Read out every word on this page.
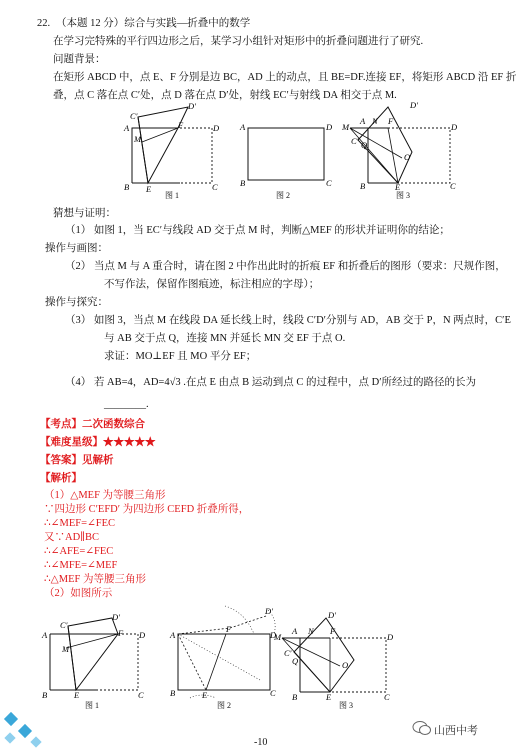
22. （本题 12 分）综合与实践—折叠中的数学
在学习完特殊的平行四边形之后，某学习小组针对矩形中的折叠问题进行了研究.
问题背景：
在矩形 ABCD 中，点 E、F 分别是边 BC，AD 上的动点，且 BE=DF.连接 EF，将矩形 ABCD 沿 EF 折
叠，点 C 落在点 C′处，点 D 落在点 D′处，射线 EC′与射线 DA 相交于点 M.
C′
D′
A	F	D
M
B E	C
图 1
A	D
B	C
图 2
M
A N F
D′
D
C′ Q
O
B	E	C
图 3
猜想与证明：
（1） 如图 1，当 EC′与线段 AD 交于点 M 时，判断△MEF 的形状并证明你的结论；
操作与画图：
（2） 当点 M 与 A 重合时，请在图 2 中作出此时的折痕 EF 和折叠后的图形（要求：尺规作图，
不写作法，保留作图痕迹，标注相应的字母）；
操作与探究：
（3） 如图 3，当点 M 在线段 DA 延长线上时，线段 C′D′分别与 AD，AB 交于 P，N 两点时，C′E
与 AB 交于点 Q，连接 MN 并延长 MN 交 EF 于点 O.
求证：MO⊥EF 且 MO 平分 EF；
（4） 若 AB=4，AD=4√3 .在点 E 由点 B 运动到点 C 的过程中，点 D′所经过的路径的长为
________.
【考点】二次函数综合
【难度星级】★★★★★
【答案】见解析
【解析】
（1）△MEF 为等腰三角形
∵四边形 C′EFD′ 为四边形 CEFD 折叠所得，
∴∠MEF=∠FEC
又∵AD∥BC
∴∠AFE=∠FEC
∴∠MFE=∠MEF
∴△MEF 为等腰三角形
（2）如图所示
C′
D′
A	F D
M
B	E	C
图 1
A
F
D
B	E	C
D′
图 2
M
A N F
D′
D
C′
Q	O
B	E	C
图 3
山西中考
-10
